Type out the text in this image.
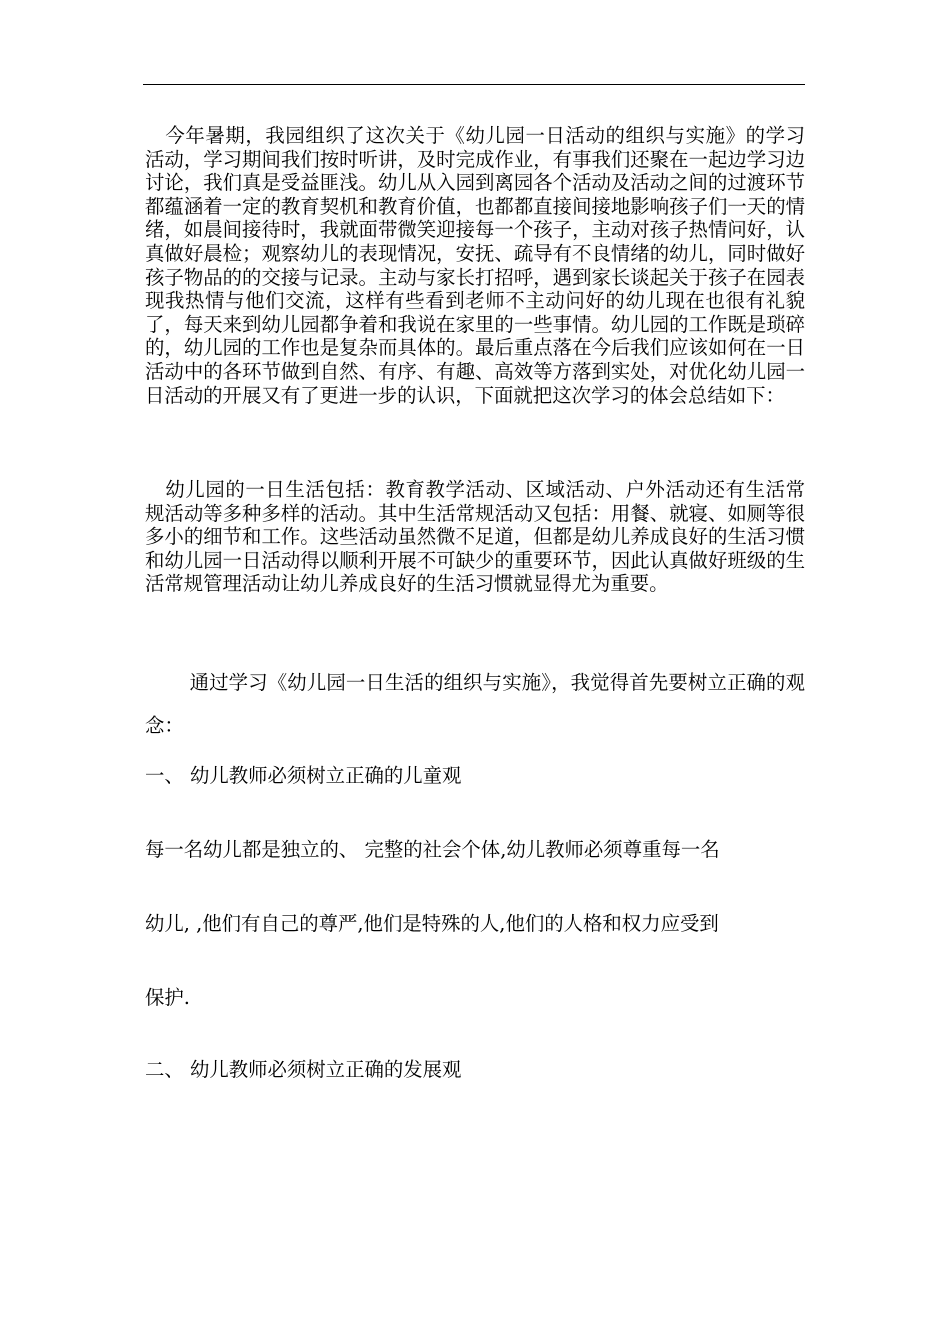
今年暑期，我园组织了这次关于《幼儿园一日活动的组织与实施》的学习活动，学习期间我们按时听讲，及时完成作业，有事我们还聚在一起边学习边讨论，我们真是受益匪浅。幼儿从入园到离园各个活动及活动之间的过渡环节都蕴涵着一定的教育契机和教育价值，也都都直接间接地影响孩子们一天的情绪，如晨间接待时，我就面带微笑迎接每一个孩子，主动对孩子热情问好，认真做好晨检；观察幼儿的表现情况，安抚、疏导有不良情绪的幼儿，同时做好孩子物品的的交接与记录。主动与家长打招呼，遇到家长谈起关于孩子在园表现我热情与他们交流，这样有些看到老师不主动问好的幼儿现在也很有礼貌了，每天来到幼儿园都争着和我说在家里的一些事情。幼儿园的工作既是琐碎的，幼儿园的工作也是复杂而具体的。最后重点落在今后我们应该如何在一日活动中的各环节做到自然、有序、有趣、高效等方落到实处，对优化幼儿园一日活动的开展又有了更进一步的认识，下面就把这次学习的体会总结如下：

幼儿园的一日生活包括：教育教学活动、区域活动、户外活动还有生活常规活动等多种多样的活动。其中生活常规活动又包括：用餐、就寝、如厕等很多小的细节和工作。这些活动虽然微不足道，但都是幼儿养成良好的生活习惯和幼儿园一日活动得以顺利开展不可缺少的重要环节，因此认真做好班级的生活常规管理活动让幼儿养成良好的生活习惯就显得尤为重要。

通过学习《幼儿园一日生活的组织与实施》，我觉得首先要树立正确的观念：

一、 幼儿教师必须树立正确的儿童观

每一名幼儿都是独立的、 完整的社会个体,幼儿教师必须尊重每一名

幼儿, ,他们有自己的尊严,他们是特殊的人,他们的人格和权力应受到

保护.

二、 幼儿教师必须树立正确的发展观
